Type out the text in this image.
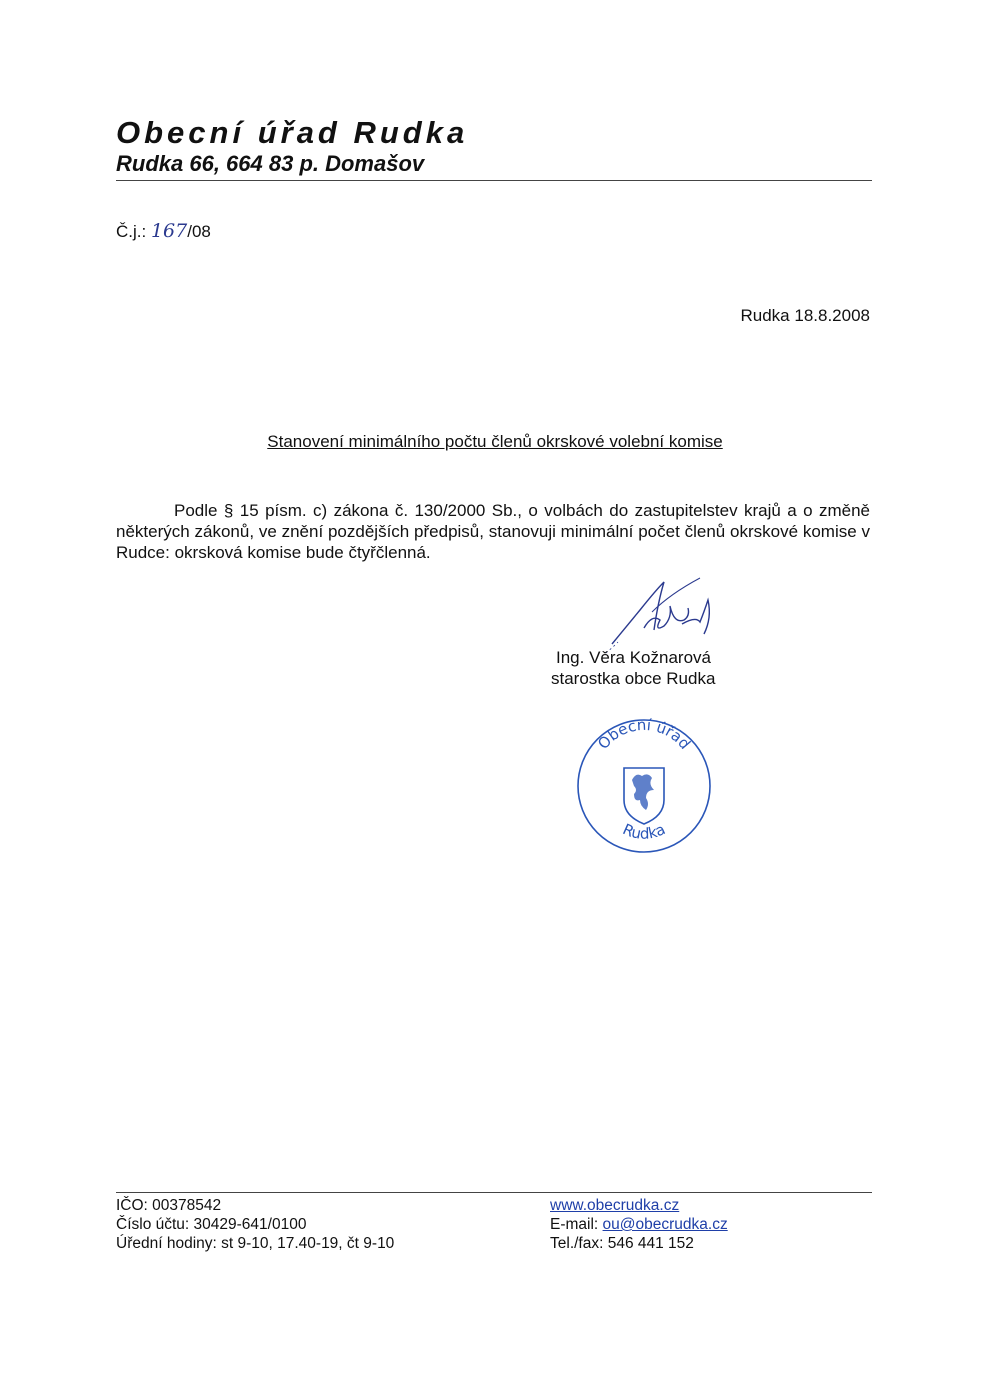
Obecní úřad Rudka
Rudka 66, 664 83 p. Domašov
Č.j.: 167/08
Rudka 18.8.2008
Stanovení minimálního počtu členů okrskové volební komise
Podle § 15 písm. c) zákona č. 130/2000 Sb., o volbách do zastupitelstev krajů a o změně některých zákonů, ve znění pozdějších předpisů, stanovuji minimální počet členů okrskové komise v Rudce: okrsková komise bude čtyřčlenná.
Ing. Věra Kožnarová
starostka obce Rudka
Obecní úřad
Rudka
IČO: 00378542
Číslo účtu: 30429-641/0100
Úřední hodiny: st 9-10, 17.40-19, čt 9-10
www.obecrudka.cz
E-mail: ou@obecrudka.cz
Tel./fax: 546 441 152
